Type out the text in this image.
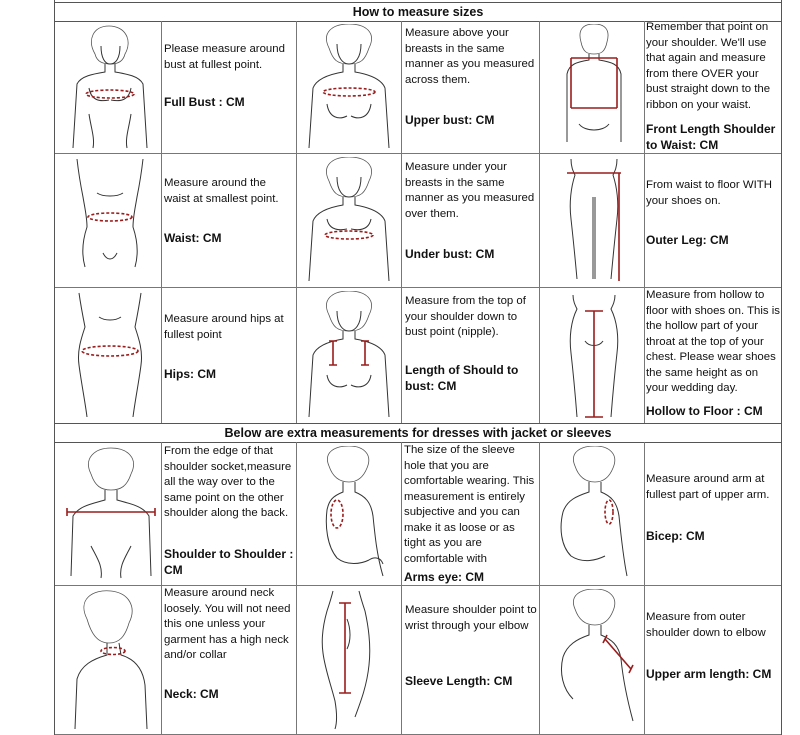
How to measure sizes
Below are extra measurements for dresses with jacket or sleeves
Please measure around bust at fullest point.
Full Bust : CM
Measure above your breasts in the same manner as you measured across them.
Upper bust: CM
Remember that point on your shoulder. We'll use that again and measure from there OVER your bust straight down to the ribbon on your waist.
Front Length Shoulder to Waist: CM
Measure around the waist at smallest point.
Waist: CM
Measure under your breasts in the same manner as you measured over them.
Under bust: CM
From waist to floor WITH your shoes on.
Outer Leg: CM
Measure around hips at fullest point
Hips: CM
Measure from the top of your shoulder down to bust point (nipple).
Length of Should to bust: CM
Measure from hollow to floor with shoes on. This is the hollow part of your throat at the top of your chest. Please wear shoes the same height as on your wedding day.
Hollow to Floor : CM
From the edge of that shoulder socket,measure all the way over to the same point on the other shoulder along the back.
Shoulder to Shoulder : CM
The size of the sleeve hole that you are comfortable wearing. This measurement is entirely subjective and you can make it as loose or as tight as you are comfortable with
Arms eye: CM
Measure around arm at fullest part of upper arm.
Bicep: CM
Measure around neck loosely. You will not need this one unless your garment has a high neck and/or collar
Neck: CM
Measure shoulder point to wrist through your elbow
Sleeve Length: CM
Measure from outer shoulder down to elbow
Upper arm length: CM
